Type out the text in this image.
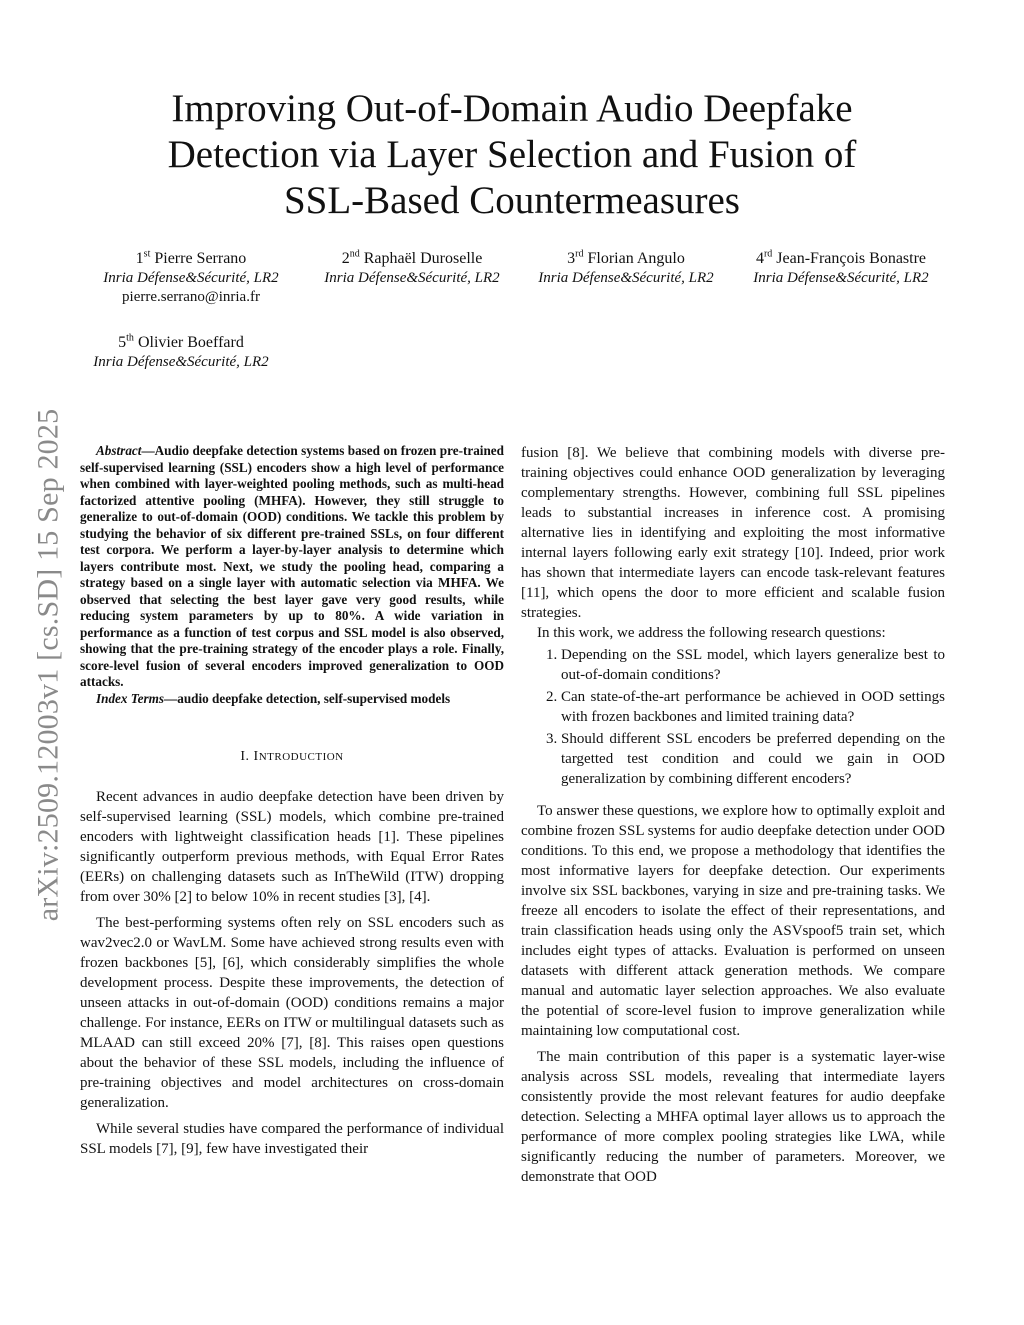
arXiv:2509.12003v1 [cs.SD] 15 Sep 2025
Improving Out-of-Domain Audio Deepfake
Detection via Layer Selection and Fusion of
SSL-Based Countermeasures
1st Pierre Serrano
Inria Défense&Sécurité, LR2
pierre.serrano@inria.fr
2nd Raphaël Duroselle
Inria Défense&Sécurité, LR2
3rd Florian Angulo
Inria Défense&Sécurité, LR2
4rd Jean-François Bonastre
Inria Défense&Sécurité, LR2
5th Olivier Boeffard
Inria Défense&Sécurité, LR2

Abstract—Audio deepfake detection systems based on frozen pre-trained self-supervised learning (SSL) encoders show a high level of performance when combined with layer-weighted pooling methods, such as multi-head factorized attentive pooling (MHFA). However, they still struggle to generalize to out-of-domain (OOD) conditions. We tackle this problem by studying the behavior of six different pre-trained SSLs, on four different test corpora. We perform a layer-by-layer analysis to determine which layers contribute most. Next, we study the pooling head, comparing a strategy based on a single layer with automatic selection via MHFA. We observed that selecting the best layer gave very good results, while reducing system parameters by up to 80%. A wide variation in performance as a function of test corpus and SSL model is also observed, showing that the pre-training strategy of the encoder plays a role. Finally, score-level fusion of several encoders improved generalization to OOD attacks.

Index Terms—audio deepfake detection, self-supervised models

I. INTRODUCTION

Recent advances in audio deepfake detection have been driven by self-supervised learning (SSL) models, which combine pre-trained encoders with lightweight classification heads [1]. These pipelines significantly outperform previous methods, with Equal Error Rates (EERs) on challenging datasets such as InTheWild (ITW) dropping from over 30% [2] to below 10% in recent studies [3], [4].

The best-performing systems often rely on SSL encoders such as wav2vec2.0 or WavLM. Some have achieved strong results even with frozen backbones [5], [6], which considerably simplifies the whole development process. Despite these improvements, the detection of unseen attacks in out-of-domain (OOD) conditions remains a major challenge. For instance, EERs on ITW or multilingual datasets such as MLAAD can still exceed 20% [7], [8]. This raises open questions about the behavior of these SSL models, including the influence of pre-training objectives and model architectures on cross-domain generalization.

While several studies have compared the performance of individual SSL models [7], [9], few have investigated their

fusion [8]. We believe that combining models with diverse pre-training objectives could enhance OOD generalization by leveraging complementary strengths. However, combining full SSL pipelines leads to substantial increases in inference cost. A promising alternative lies in identifying and exploiting the most informative internal layers following early exit strategy [10]. Indeed, prior work has shown that intermediate layers can encode task-relevant features [11], which opens the door to more efficient and scalable fusion strategies.

In this work, we address the following research questions:

1. Depending on the SSL model, which layers generalize best to out-of-domain conditions?
2. Can state-of-the-art performance be achieved in OOD settings with frozen backbones and limited training data?
3. Should different SSL encoders be preferred depending on the targetted test condition and could we gain in OOD generalization by combining different encoders?

To answer these questions, we explore how to optimally exploit and combine frozen SSL systems for audio deepfake detection under OOD conditions. To this end, we propose a methodology that identifies the most informative layers for deepfake detection. Our experiments involve six SSL backbones, varying in size and pre-training tasks. We freeze all encoders to isolate the effect of their representations, and train classification heads using only the ASVspoof5 train set, which includes eight types of attacks. Evaluation is performed on unseen datasets with different attack generation methods. We compare manual and automatic layer selection approaches. We also evaluate the potential of score-level fusion to improve generalization while maintaining low computational cost.

The main contribution of this paper is a systematic layer-wise analysis across SSL models, revealing that intermediate layers consistently provide the most relevant features for audio deepfake detection. Selecting a MHFA optimal layer allows us to approach the performance of more complex pooling strategies like LWA, while significantly reducing the number of parameters. Moreover, we demonstrate that OOD
